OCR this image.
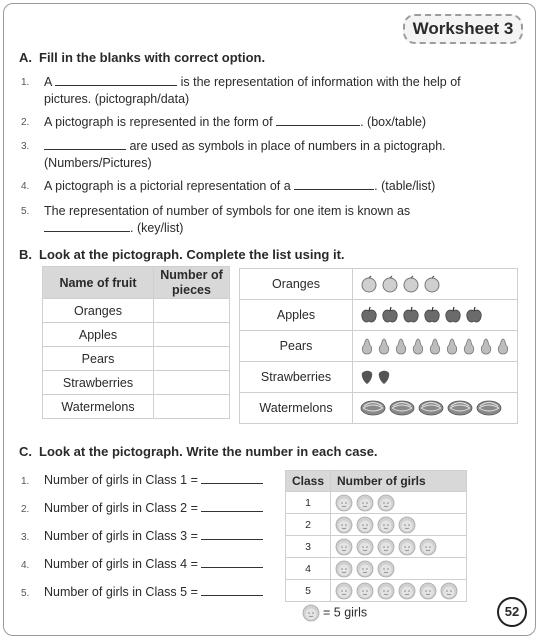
Worksheet 3
A. Fill in the blanks with correct option.
1. A	is the representation of information with the help of
pictures. (pictograph/data)
2. A pictograph is represented in the form of	. (box/table)
3.	are used as symbols in place of numbers in a pictograph.
(Numbers/Pictures)
4. A pictograph is a pictorial representation of a	. (table/list)
5. The representation of number of symbols for one item is known as
. (key/list)
B. Look at the pictograph. Complete the list using it.
Name of fruit	Number of pieces
Oranges	
Apples	
Pears	
Strawberries	
Watermelons	
Oranges	
Apples	
Pears	
Strawberries	
Watermelons	
C. Look at the pictograph. Write the number in each case.
1. Number of girls in Class 1 =
2. Number of girls in Class 2 =
3. Number of girls in Class 3 =
4. Number of girls in Class 4 =
5. Number of girls in Class 5 =
Class	Number of girls
1	
2	
3	
4	
5	
= 5 girls	52
